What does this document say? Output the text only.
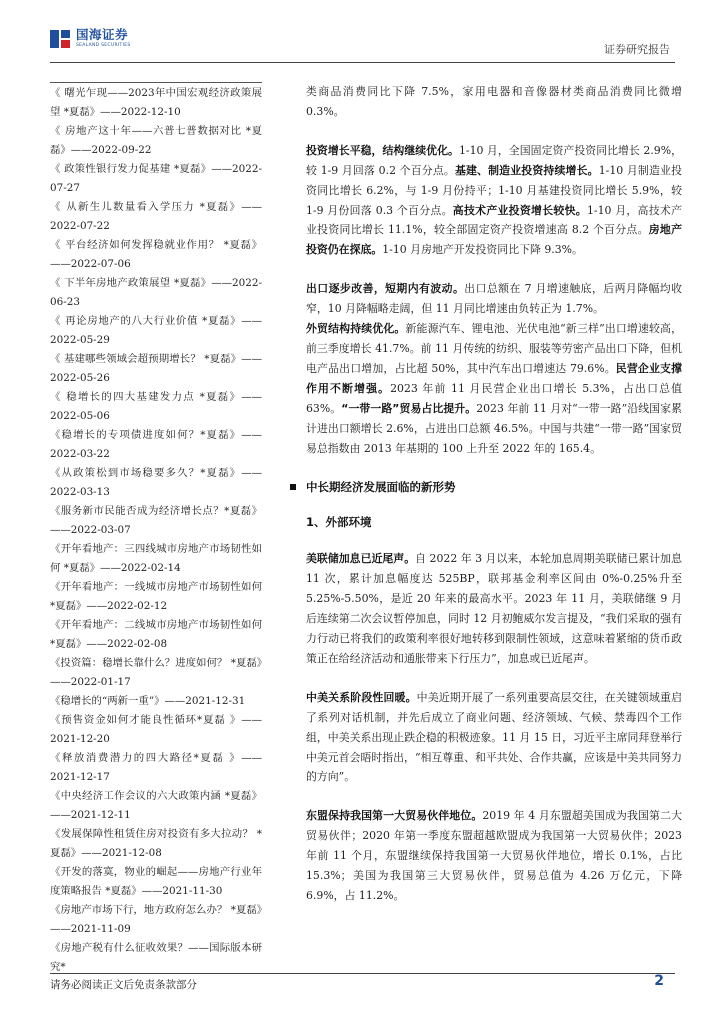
国海证券
SEALAND SECURITIES	证券研究报告
《 曙光乍现——2023年中国宏观经济政策展望 *夏磊》——2022-12-10
《 房地产这十年——六普七普数据对比 *夏磊》——2022-09-22
《 政策性银行发力促基建 *夏磊》——2022-07-27
《 从新生儿数量看入学压力 *夏磊》——2022-07-22
《 平台经济如何发挥稳就业作用？ *夏磊》——2022-07-06
《 下半年房地产政策展望 *夏磊》——2022-06-23
《 再论房地产的八大行业价值 *夏磊》——2022-05-29
《 基建哪些领域会超预期增长？ *夏磊》——2022-05-26
《 稳增长的四大基建发力点 *夏磊》——2022-05-06
《稳增长的专项债进度如何？*夏磊》——2022-03-22
《从政策松到市场稳要多久？*夏磊》——2022-03-13
《服务新市民能否成为经济增长点？*夏磊》——2022-03-07
《开年看地产：三四线城市房地产市场韧性如何 *夏磊》——2022-02-14
《开年看地产：一线城市房地产市场韧性如何 *夏磊》——2022-02-12
《开年看地产：二线城市房地产市场韧性如何 *夏磊》——2022-02-08
《投资篇：稳增长靠什么？进度如何？ *夏磊》——2022-01-17
《稳增长的“两新一重”》——2021-12-31
《预售资金如何才能良性循环*夏磊 》——2021-12-20
《释放消费潜力的四大路径*夏磊 》——2021-12-17
《中央经济工作会议的六大政策内涵 *夏磊》——2021-12-11
《发展保障性租赁住房对投资有多大拉动？ *夏磊》——2021-12-08
《开发的落寞，物业的崛起——房地产行业年度策略报告 *夏磊》——2021-11-30
《房地产市场下行，地方政府怎么办？ *夏磊》——2021-11-09
《房地产税有什么征收效果？——国际版本研究*

类商品消费同比下降 7.5%，家用电器和音像器材类商品消费同比微增 0.3%。

投资增长平稳，结构继续优化。1-10 月，全国固定资产投资同比增长 2.9%，较 1-9 月回落 0.2 个百分点。基建、制造业投资持续增长。1-10 月制造业投资同比增长 6.2%，与 1-9 月份持平；1-10 月基建投资同比增长 5.9%，较 1-9 月份回落 0.3 个百分点。高技术产业投资增长较快。1-10 月，高技术产业投资同比增长 11.1%，较全部固定资产投资增速高 8.2 个百分点。房地产投资仍在探底。1-10 月房地产开发投资同比下降 9.3%。

出口逐步改善，短期内有波动。出口总额在 7 月增速触底，后两月降幅均收窄，10 月降幅略走阔，但 11 月同比增速由负转正为 1.7%。
外贸结构持续优化。新能源汽车、锂电池、光伏电池“新三样”出口增速较高，前三季度增长 41.7%。前 11 月传统的纺织、服装等劳密产品出口下降，但机电产品出口增加，占比超 50%，其中汽车出口增速达 79.6%。民营企业支撑作用不断增强。2023 年前 11 月民营企业出口增长 5.3%，占出口总值 63%。“一带一路”贸易占比提升。2023 年前 11 月对“一带一路”沿线国家累计进出口额增长 2.6%，占进出口总额 46.5%。中国与共建“一带一路”国家贸易总指数由 2013 年基期的 100 上升至 2022 年的 165.4。

中长期经济发展面临的新形势
1、外部环境

美联储加息已近尾声。自 2022 年 3 月以来，本轮加息周期美联储已累计加息 11 次，累计加息幅度达 525BP，联邦基金利率区间由 0%-0.25%升至 5.25%-5.50%，是近 20 年来的最高水平。2023 年 11 月，美联储继 9 月后连续第二次会议暂停加息，同时 12 月初鲍威尔发言提及，“我们采取的强有力行动已将我们的政策利率很好地转移到限制性领域，这意味着紧缩的货币政策正在给经济活动和通胀带来下行压力”，加息或已近尾声。

中美关系阶段性回暖。中美近期开展了一系列重要高层交往，在关键领域重启了系列对话机制，并先后成立了商业问题、经济领域、气候、禁毒四个工作组，中美关系出现止跌企稳的积极迹象。11 月 15 日，习近平主席同拜登举行中美元首会晤时指出，“相互尊重、和平共处、合作共赢，应该是中美共同努力的方向”。

东盟保持我国第一大贸易伙伴地位。2019 年 4 月东盟超美国成为我国第二大贸易伙伴；2020 年第一季度东盟超越欧盟成为我国第一大贸易伙伴；2023 年前 11 个月，东盟继续保持我国第一大贸易伙伴地位，增长 0.1%，占比 15.3%；美国为我国第三大贸易伙伴，贸易总值为 4.26 万亿元，下降 6.9%，占 11.2%。

请务必阅读正文后免责条款部分	2
